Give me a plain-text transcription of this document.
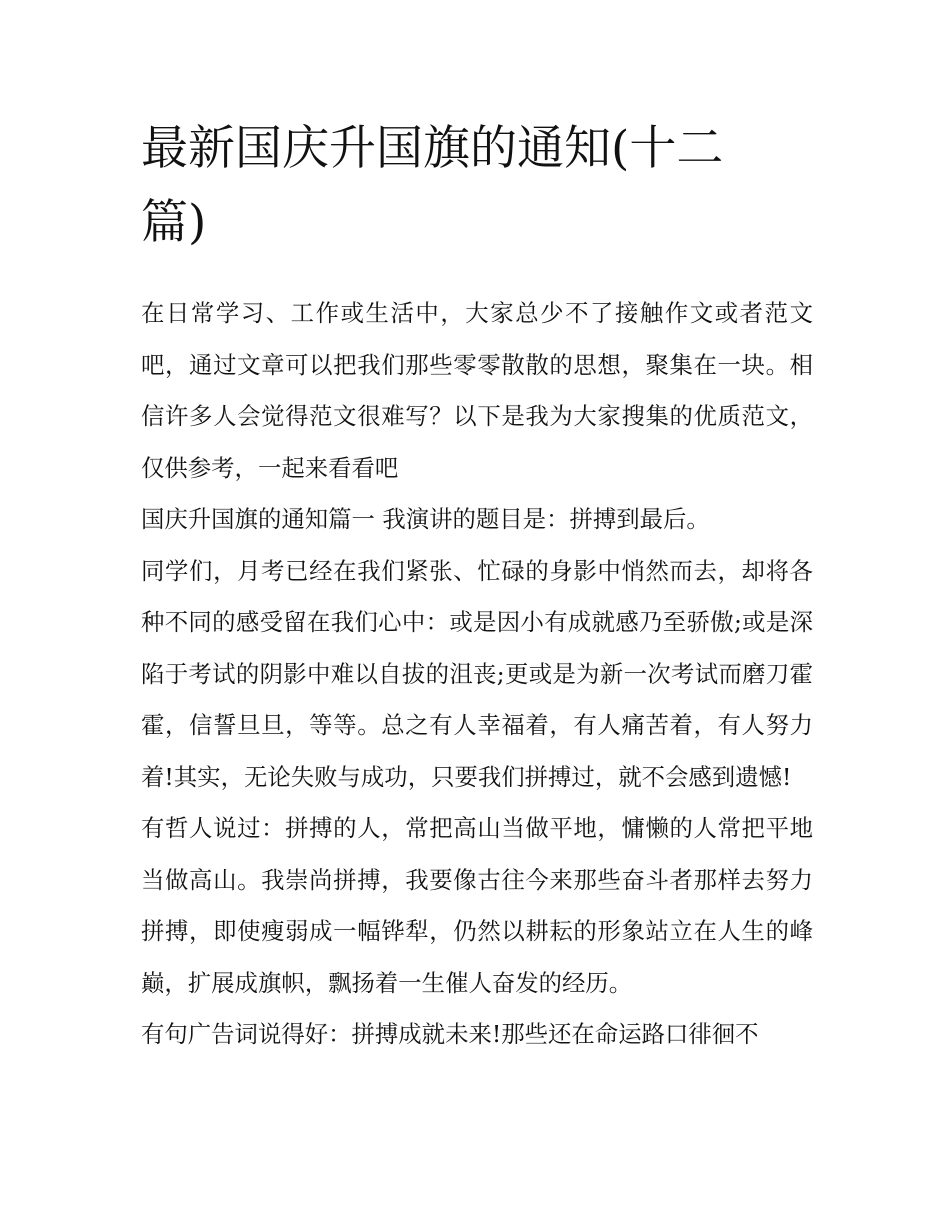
最新国庆升国旗的通知(十二篇)

在日常学习、工作或生活中，大家总少不了接触作文或者范文吧，通过文章可以把我们那些零零散散的思想，聚集在一块。相信许多人会觉得范文很难写？以下是我为大家搜集的优质范文，仅供参考，一起来看看吧

国庆升国旗的通知篇一 我演讲的题目是：拼搏到最后。

同学们，月考已经在我们紧张、忙碌的身影中悄然而去，却将各种不同的感受留在我们心中：或是因小有成就感乃至骄傲;或是深陷于考试的阴影中难以自拔的沮丧;更或是为新一次考试而磨刀霍霍，信誓旦旦，等等。总之有人幸福着，有人痛苦着，有人努力着!其实，无论失败与成功，只要我们拼搏过，就不会感到遗憾!

有哲人说过：拼搏的人，常把高山当做平地，慵懒的人常把平地当做高山。我崇尚拼搏，我要像古往今来那些奋斗者那样去努力拼搏，即使瘦弱成一幅铧犁，仍然以耕耘的形象站立在人生的峰巅，扩展成旗帜，飘扬着一生催人奋发的经历。

有句广告词说得好：拼搏成就未来!那些还在命运路口徘徊不
